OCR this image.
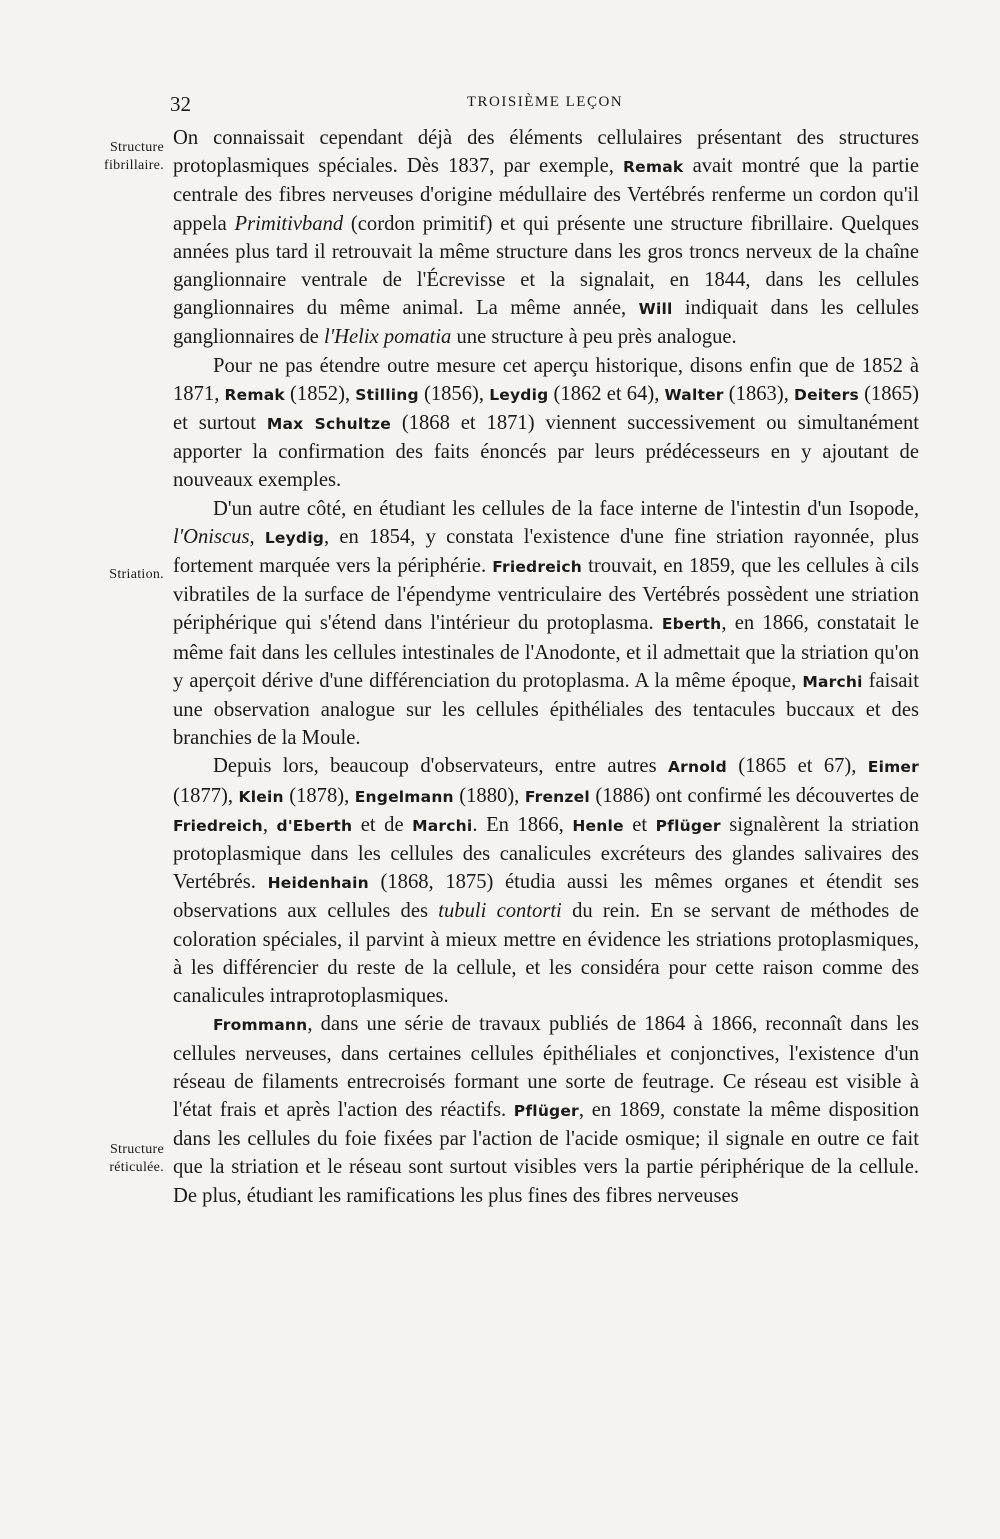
32	TROISIÈME LEÇON
Structure
fibrillaire.
Striation.
Structure
réticulée.

On connaissait cependant déjà des éléments cellulaires présentant des structures protoplasmiques spéciales. Dès 1837, par exemple, Remak avait montré que la partie centrale des fibres nerveuses d'origine médullaire des Vertébrés renferme un cordon qu'il appela Primitivband (cordon primitif) et qui présente une structure fibrillaire. Quelques années plus tard il retrouvait la même structure dans les gros troncs nerveux de la chaîne ganglionnaire ventrale de l'Écrevisse et la signalait, en 1844, dans les cellules ganglionnaires du même animal. La même année, Will indiquait dans les cellules ganglionnaires de l'Helix pomatia une structure à peu près analogue.

Pour ne pas étendre outre mesure cet aperçu historique, disons enfin que de 1852 à 1871, Remak (1852), Stilling (1856), Leydig (1862 et 64), Walter (1863), Deiters (1865) et surtout Max Schultze (1868 et 1871) viennent successivement ou simultanément apporter la confirmation des faits énoncés par leurs prédécesseurs en y ajoutant de nouveaux exemples.

D'un autre côté, en étudiant les cellules de la face interne de l'intestin d'un Isopode, l'Oniscus, Leydig, en 1854, y constata l'existence d'une fine striation rayonnée, plus fortement marquée vers la périphérie. Friedreich trouvait, en 1859, que les cellules à cils vibratiles de la surface de l'épendyme ventriculaire des Vertébrés possèdent une striation périphérique qui s'étend dans l'intérieur du protoplasma. Eberth, en 1866, constatait le même fait dans les cellules intestinales de l'Anodonte, et il admettait que la striation qu'on y aperçoit dérive d'une différenciation du protoplasma. A la même époque, Marchi faisait une observation analogue sur les cellules épithéliales des tentacules buccaux et des branchies de la Moule.

Depuis lors, beaucoup d'observateurs, entre autres Arnold (1865 et 67), Eimer (1877), Klein (1878), Engelmann (1880), Frenzel (1886) ont confirmé les découvertes de Friedreich, d'Eberth et de Marchi. En 1866, Henle et Pflüger signalèrent la striation protoplasmique dans les cellules des canalicules excréteurs des glandes salivaires des Vertébrés. Heidenhain (1868, 1875) étudia aussi les mêmes organes et étendit ses observations aux cellules des tubuli contorti du rein. En se servant de méthodes de coloration spéciales, il parvint à mieux mettre en évidence les striations protoplasmiques, à les différencier du reste de la cellule, et les considéra pour cette raison comme des canalicules intraprotoplasmiques.

Frommann, dans une série de travaux publiés de 1864 à 1866, reconnaît dans les cellules nerveuses, dans certaines cellules épithéliales et conjonctives, l'existence d'un réseau de filaments entrecroisés formant une sorte de feutrage. Ce réseau est visible à l'état frais et après l'action des réactifs. Pflüger, en 1869, constate la même disposition dans les cellules du foie fixées par l'action de l'acide osmique; il signale en outre ce fait que la striation et le réseau sont surtout visibles vers la partie périphérique de la cellule. De plus, étudiant les ramifications les plus fines des fibres nerveuses
